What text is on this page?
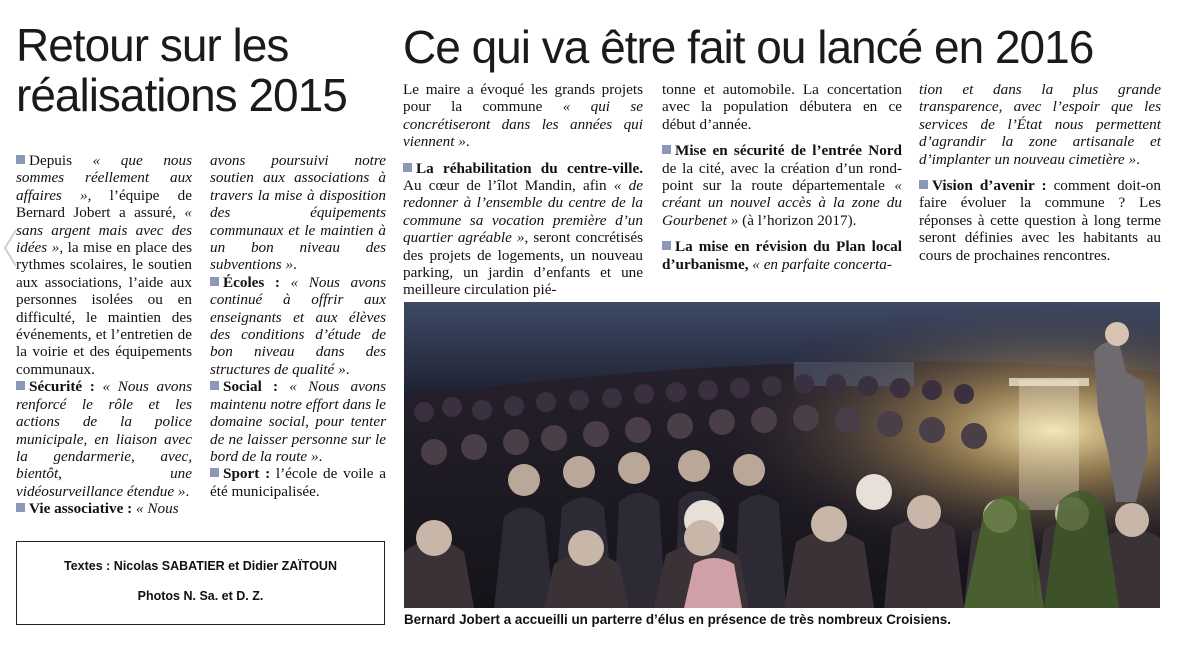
Retour sur les réalisations 2015
Ce qui va être fait ou lancé en 2016

Depuis « que nous sommes réellement aux affaires », l’équipe de Bernard Jobert a assuré, « sans argent mais avec des idées », la mise en place des rythmes scolaires, le soutien aux associations, l’aide aux personnes isolées ou en difficulté, le maintien des événements, et l’entretien de la voirie et des équipements communaux.

Sécurité : « Nous avons renforcé le rôle et les actions de la police municipale, en liaison avec la gendarmerie, avec, bientôt, une vidéosurveillance étendue ».

Vie associative : « Nous

avons poursuivi notre soutien aux associations à travers la mise à disposition des équipements communaux et le maintien à un bon niveau des subventions ».

Écoles : « Nous avons continué à offrir aux enseignants et aux élèves des conditions d’étude de bon niveau dans des structures de qualité ».

Social : « Nous avons maintenu notre effort dans le domaine social, pour tenter de ne laisser personne sur le bord de la route ».

Sport : l’école de voile a été municipalisée.

Le maire a évoqué les grands projets pour la commune « qui se concrétiseront dans les années qui viennent ».

La réhabilitation du centre-ville. Au cœur de l’îlot Mandin, afin « de redonner à l’ensemble du centre de la commune sa vocation première d’un quartier agréable », seront concrétisés des projets de logements, un nouveau parking, un jardin d’enfants et une meilleure circulation pié-

tonne et automobile. La concertation avec la population débutera en ce début d’année.

Mise en sécurité de l’entrée Nord de la cité, avec la création d’un rond-point sur la route départementale « créant un nouvel accès à la zone du Gourbenet » (à l’horizon 2017).

La mise en révision du Plan local d’urbanisme, « en parfaite concerta-

tion et dans la plus grande transparence, avec l’espoir que les services de l’État nous permettent d’agrandir la zone artisanale et d’implanter un nouveau cimetière ».

Vision d’avenir : comment doit-on faire évoluer la commune ? Les réponses à cette question à long terme seront définies avec les habitants au cours de prochaines rencontres.

Textes : Nicolas SABATIER et Didier ZAÏTOUN
Photos N. Sa. et D. Z.
Bernard Jobert a accueilli un parterre d’élus en présence de très nombreux Croisiens.
